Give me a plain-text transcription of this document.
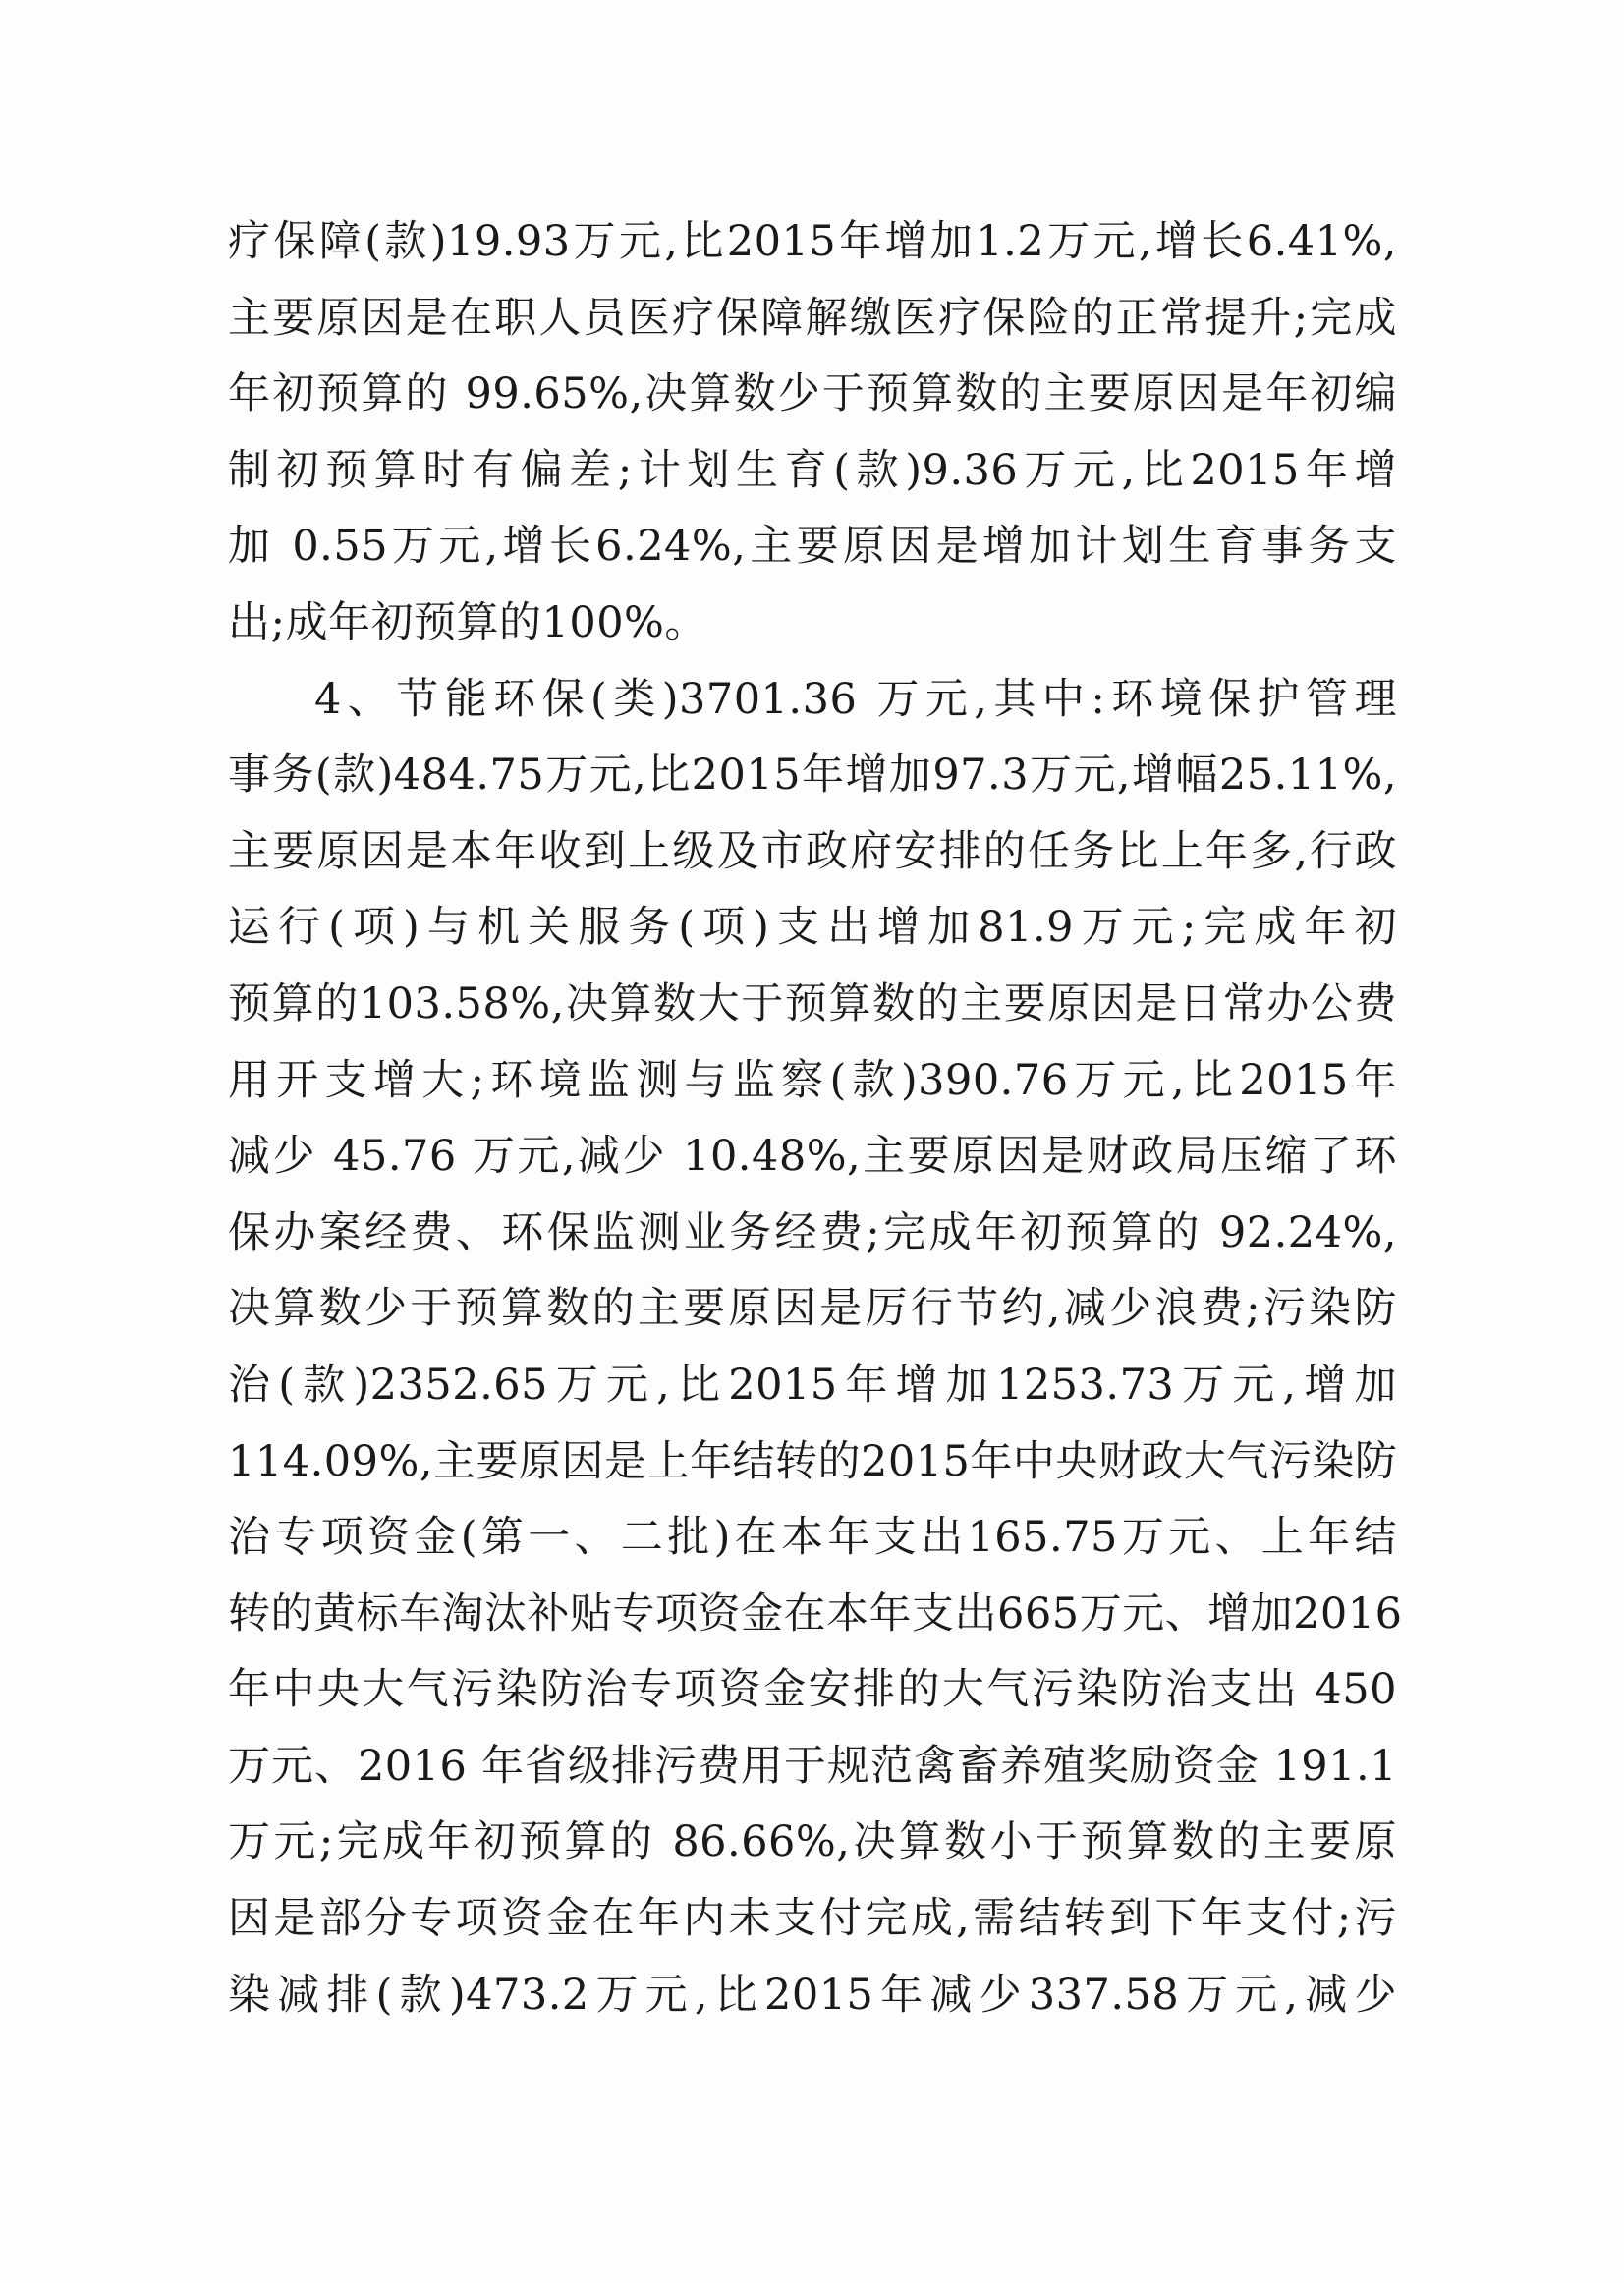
疗保障(款)19.93万元,比2015年增加1.2万元,增长6.41%,
主要原因是在职人员医疗保障解缴医疗保险的正常提升;完成
年初预算的 99.65%,决算数少于预算数的主要原因是年初编
制初预算时有偏差;计划生育(款)9.36万元,比2015年增
加 0.55万元,增长6.24%,主要原因是增加计划生育事务支
出;成年初预算的100%。
4、节能环保(类)3701.36 万元,其中:环境保护管理
事务(款)484.75万元,比2015年增加97.3万元,增幅25.11%,
主要原因是本年收到上级及市政府安排的任务比上年多,行政
运行(项)与机关服务(项)支出增加81.9万元;完成年初
预算的103.58%,决算数大于预算数的主要原因是日常办公费
用开支增大;环境监测与监察(款)390.76万元,比2015年
减少 45.76 万元,减少 10.48%,主要原因是财政局压缩了环
保办案经费、环保监测业务经费;完成年初预算的 92.24%,
决算数少于预算数的主要原因是厉行节约,减少浪费;污染防
治(款)2352.65万元,比2015年增加1253.73万元,增加
114.09%,主要原因是上年结转的2015年中央财政大气污染防
治专项资金(第一、二批)在本年支出165.75万元、上年结
转的黄标车淘汰补贴专项资金在本年支出665万元、增加2016
年中央大气污染防治专项资金安排的大气污染防治支出 450
万元、2016 年省级排污费用于规范禽畜养殖奖励资金 191.1
万元;完成年初预算的 86.66%,决算数小于预算数的主要原
因是部分专项资金在年内未支付完成,需结转到下年支付;污
染减排(款)473.2万元,比2015年减少337.58万元,减少
